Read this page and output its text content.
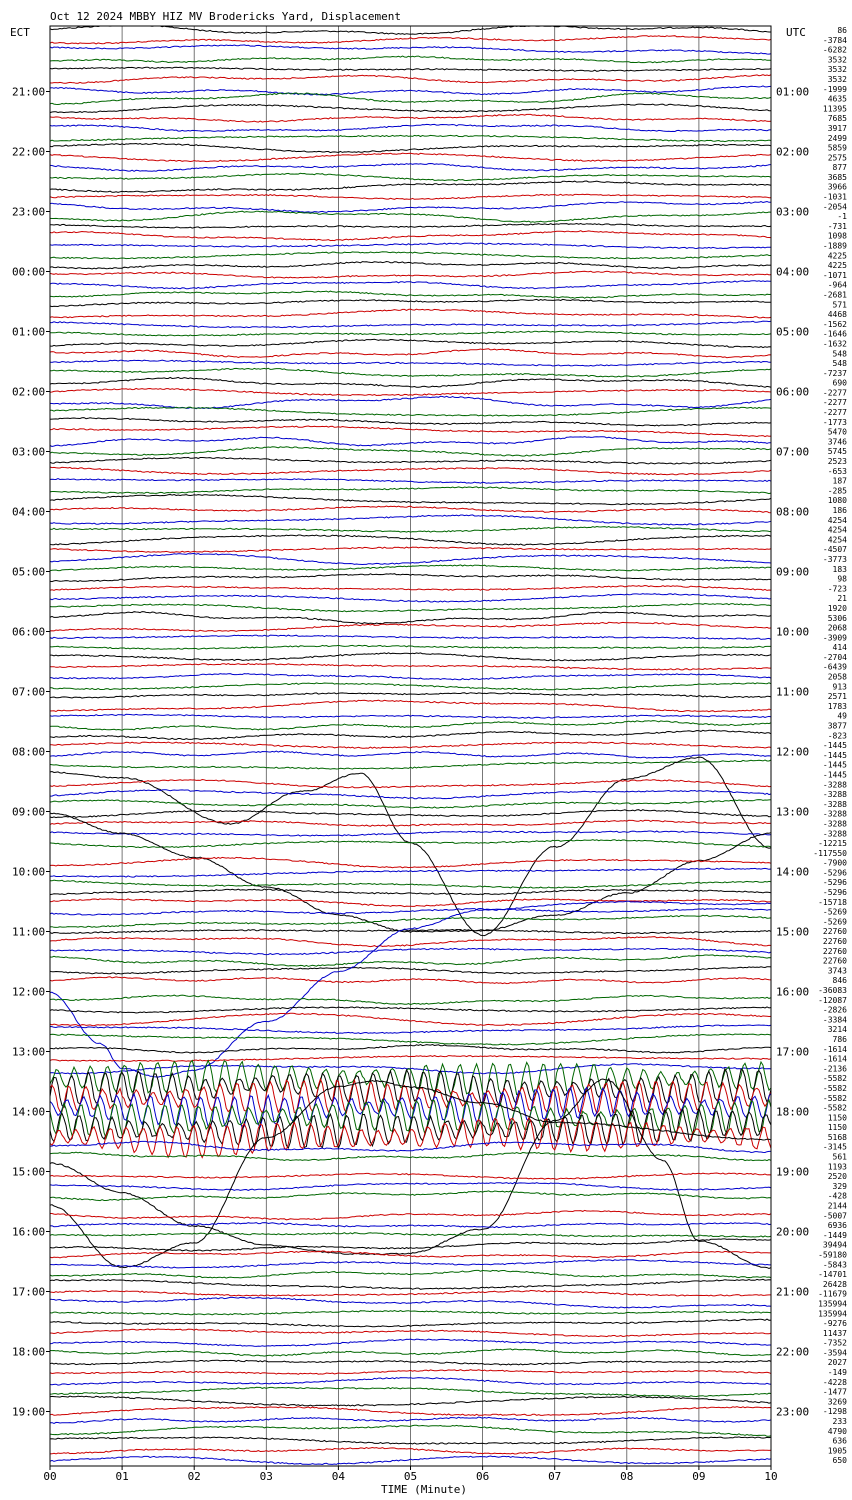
Oct 12 2024 MBBY HIZ MV Brodericks Yard, Displacement
ECT	UTC
21:00
22:00
23:00
00:00
01:00
02:00
03:00
04:00
05:00
06:00
07:00
08:00
09:00
10:00
11:00
12:00
13:00
14:00
15:00
16:00
17:00
18:00
19:00
01:00
02:00
03:00
04:00
05:00
06:00
07:00
08:00
09:00
10:00
11:00
12:00
13:00
14:00
15:00
16:00
17:00
18:00
19:00
20:00
21:00
22:00
23:00
86
-3784
-6282
3532
3532
3532
-1999
4635
11395
7685
3917
2499
5859
2575
877
3685
3966
-1031
-2054
-1
-731
1098
-1889
4225
4225
-1071
-964
-2681
571
4468
-1562
-1646
-1632
548
548
-7237
690
-2277
-2277
-2277
-1773
5470
3746
5745
2523
-653
187
-285
1080
186
4254
4254
4254
-4507
-3773
183
98
-723
21
1920
5306
2068
-3909
414
-2704
-6439
2058
913
2571
1783
49
3877
-823
-1445
-1445
-1445
-1445
-3288
-3288
-3288
-3288
-3288
-3288
-12215
-117550
-7900
-5296
-5296
-5296
-15718
-5269
-5269
22760
22760
22760
22760
3743
846
-36083
-12087
-2826
-3384
3214
786
-1614
-1614
-2136
-5582
-5582
-5582
-5582
1150
1150
5168
-3145
561
1193
2520
329
-428
2144
-5007
6936
-1449
39494
-59180
-5843
-14701
26428
-11679
135994
135994
-9276
11437
-7352
-3594
2027
-149
-4228
-1477
3269
-1298
233
4790
636
1905
650
00	01	02	03	04	05	06	07	08	09	10
TIME (Minute)
